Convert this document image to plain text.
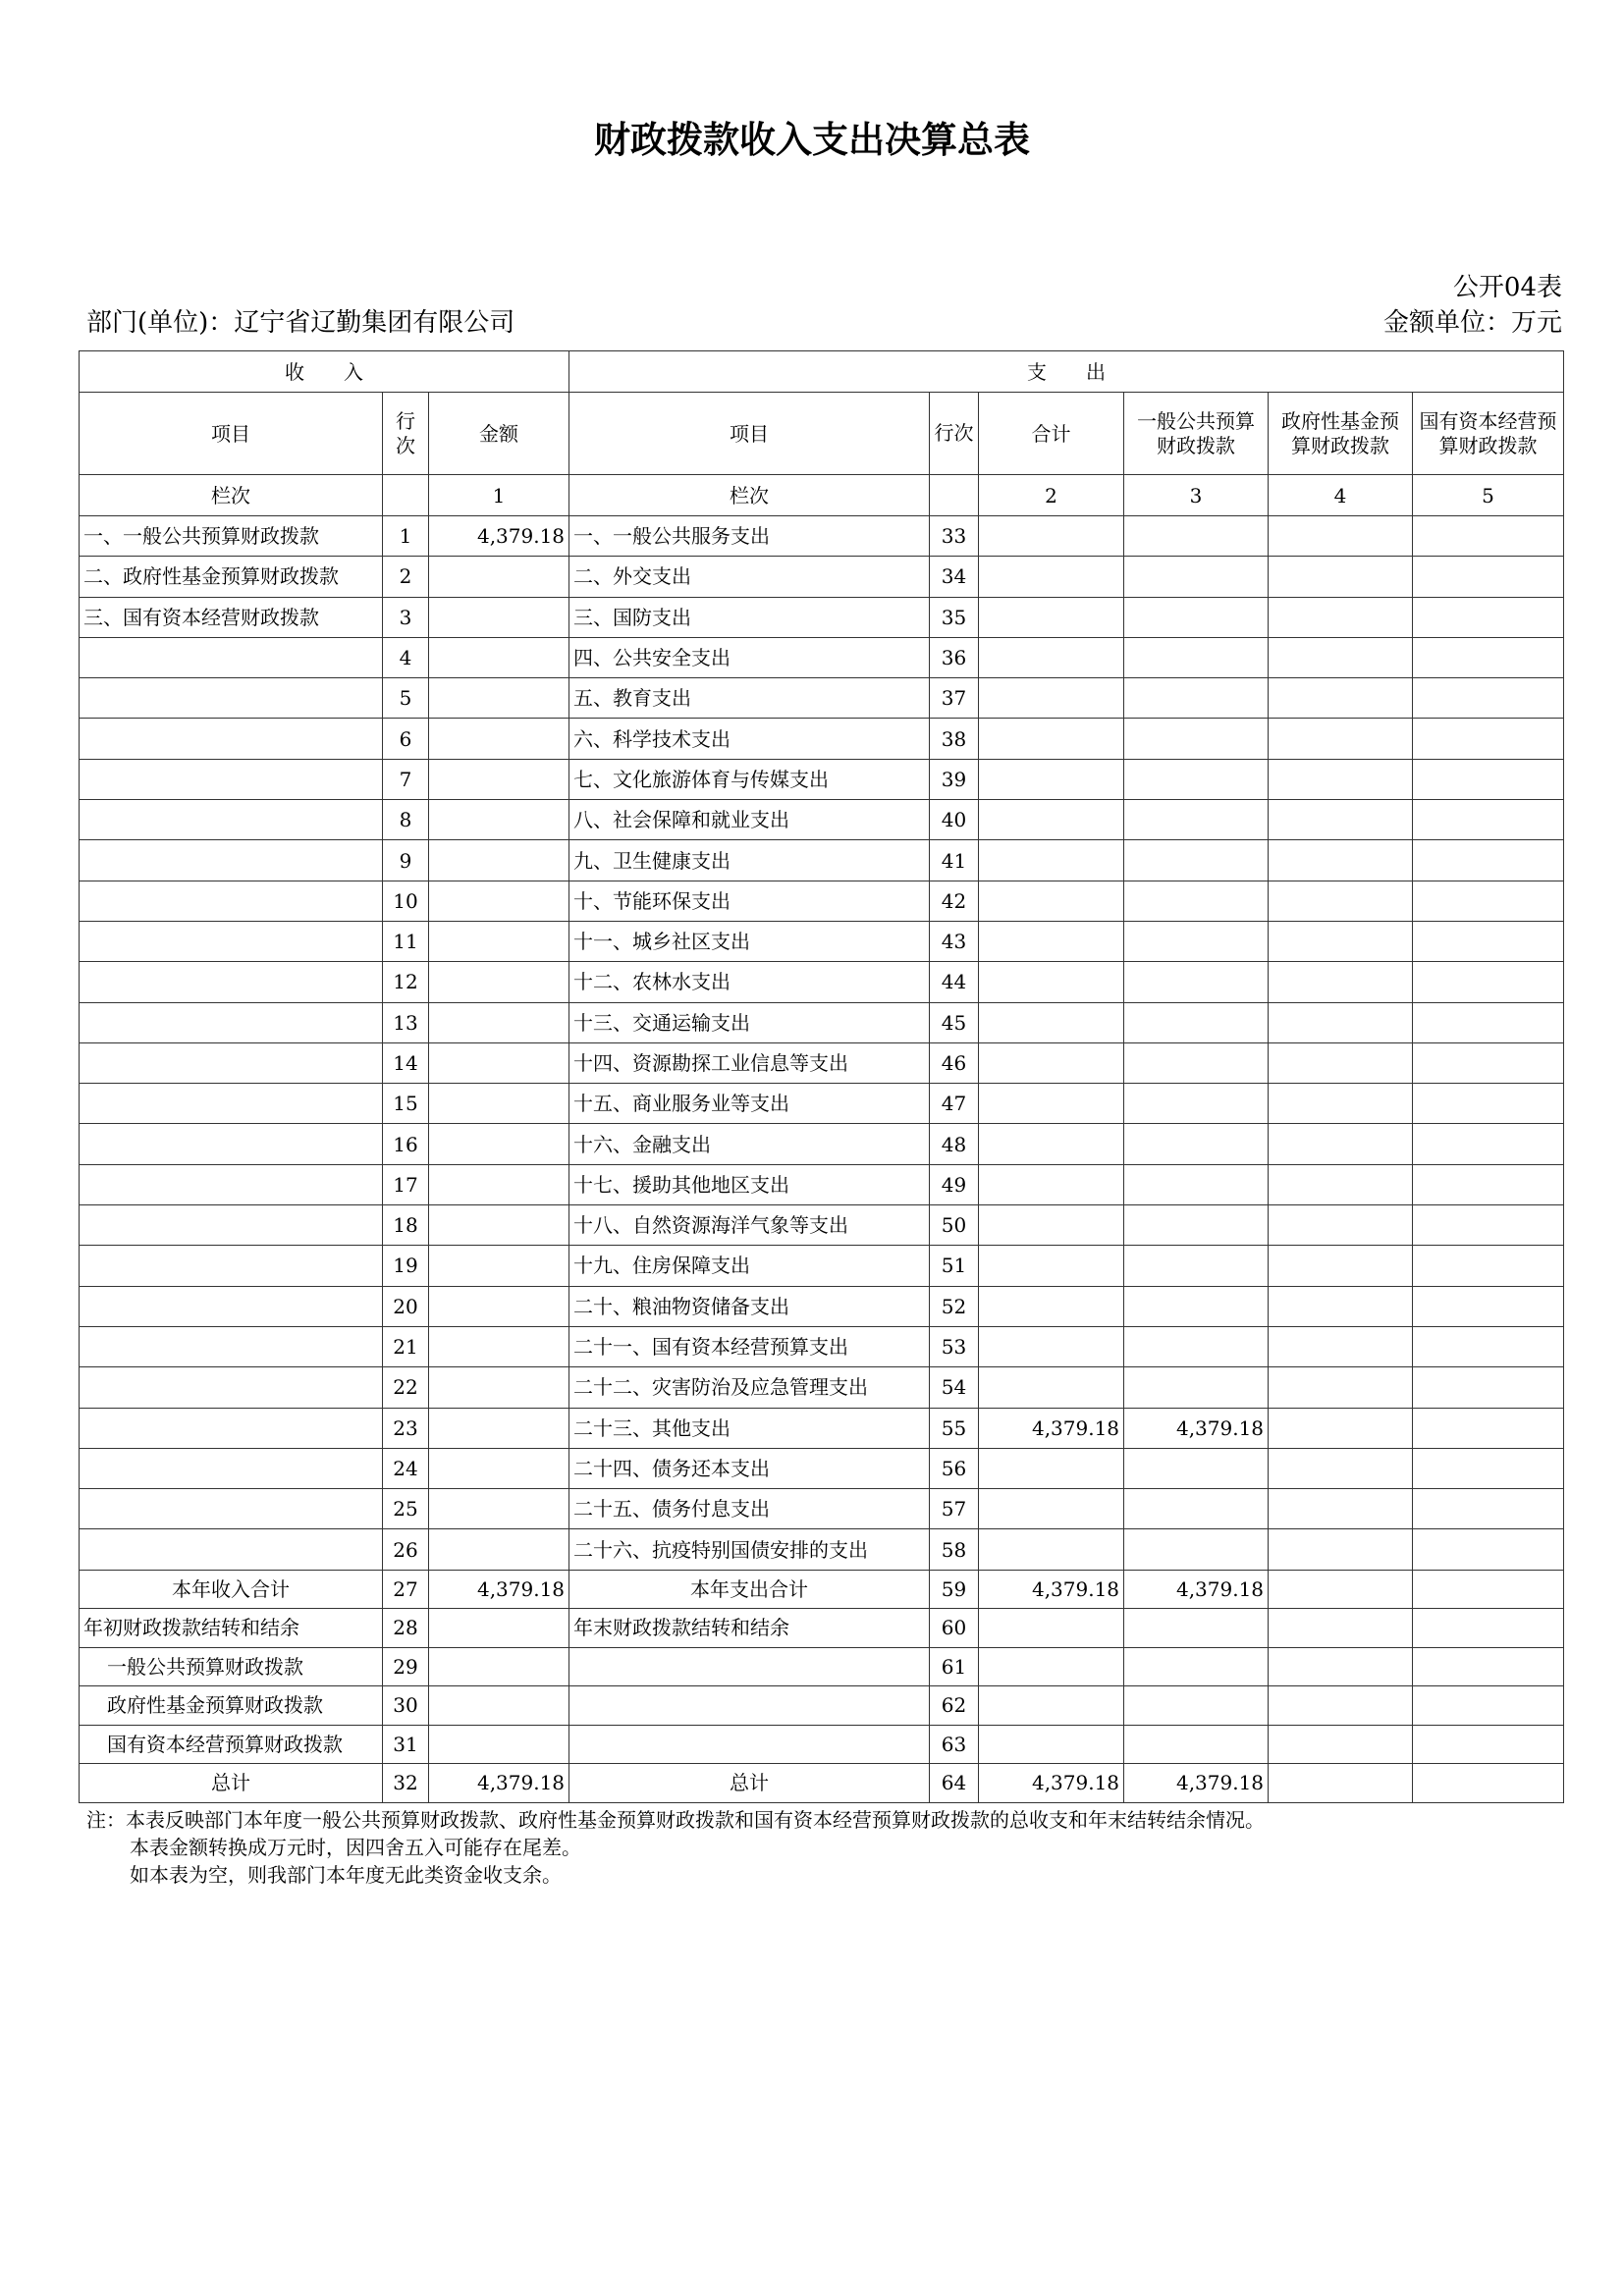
财政拨款收入支出决算总表
公开04表
部门(单位)：辽宁省辽勤集团有限公司	金额单位：万元
收　　入			支　　出					
项目	行次	金额	项目	行次	合计	一般公共预算财政拨款	政府性基金预算财政拨款	国有资本经营预算财政拨款
栏次		1	栏次		2	3	4	5
一、一般公共预算财政拨款	1	4,379.18	一、一般公共服务支出	33				
二、政府性基金预算财政拨款	2		二、外交支出	34				
三、国有资本经营财政拨款	3		三、国防支出	35				
	4		四、公共安全支出	36				
	5		五、教育支出	37				
	6		六、科学技术支出	38				
	7		七、文化旅游体育与传媒支出	39				
	8		八、社会保障和就业支出	40				
	9		九、卫生健康支出	41				
	10		十、节能环保支出	42				
	11		十一、城乡社区支出	43				
	12		十二、农林水支出	44				
	13		十三、交通运输支出	45				
	14		十四、资源勘探工业信息等支出	46				
	15		十五、商业服务业等支出	47				
	16		十六、金融支出	48				
	17		十七、援助其他地区支出	49				
	18		十八、自然资源海洋气象等支出	50				
	19		十九、住房保障支出	51				
	20		二十、粮油物资储备支出	52				
	21		二十一、国有资本经营预算支出	53				
	22		二十二、灾害防治及应急管理支出	54				
	23		二十三、其他支出	55	4,379.18	4,379.18		
	24		二十四、债务还本支出	56				
	25		二十五、债务付息支出	57				
	26		二十六、抗疫特别国债安排的支出	58				
本年收入合计	27	4,379.18	本年支出合计	59	4,379.18	4,379.18		
年初财政拨款结转和结余	28		年末财政拨款结转和结余	60				
一般公共预算财政拨款	29			61				
政府性基金预算财政拨款	30			62				
国有资本经营预算财政拨款	31			63				
总计	32	4,379.18	总计	64	4,379.18	4,379.18		
注：本表反映部门本年度一般公共预算财政拨款、政府性基金预算财政拨款和国有资本经营预算财政拨款的总收支和年末结转结余情况。
本表金额转换成万元时，因四舍五入可能存在尾差。
如本表为空，则我部门本年度无此类资金收支余。
